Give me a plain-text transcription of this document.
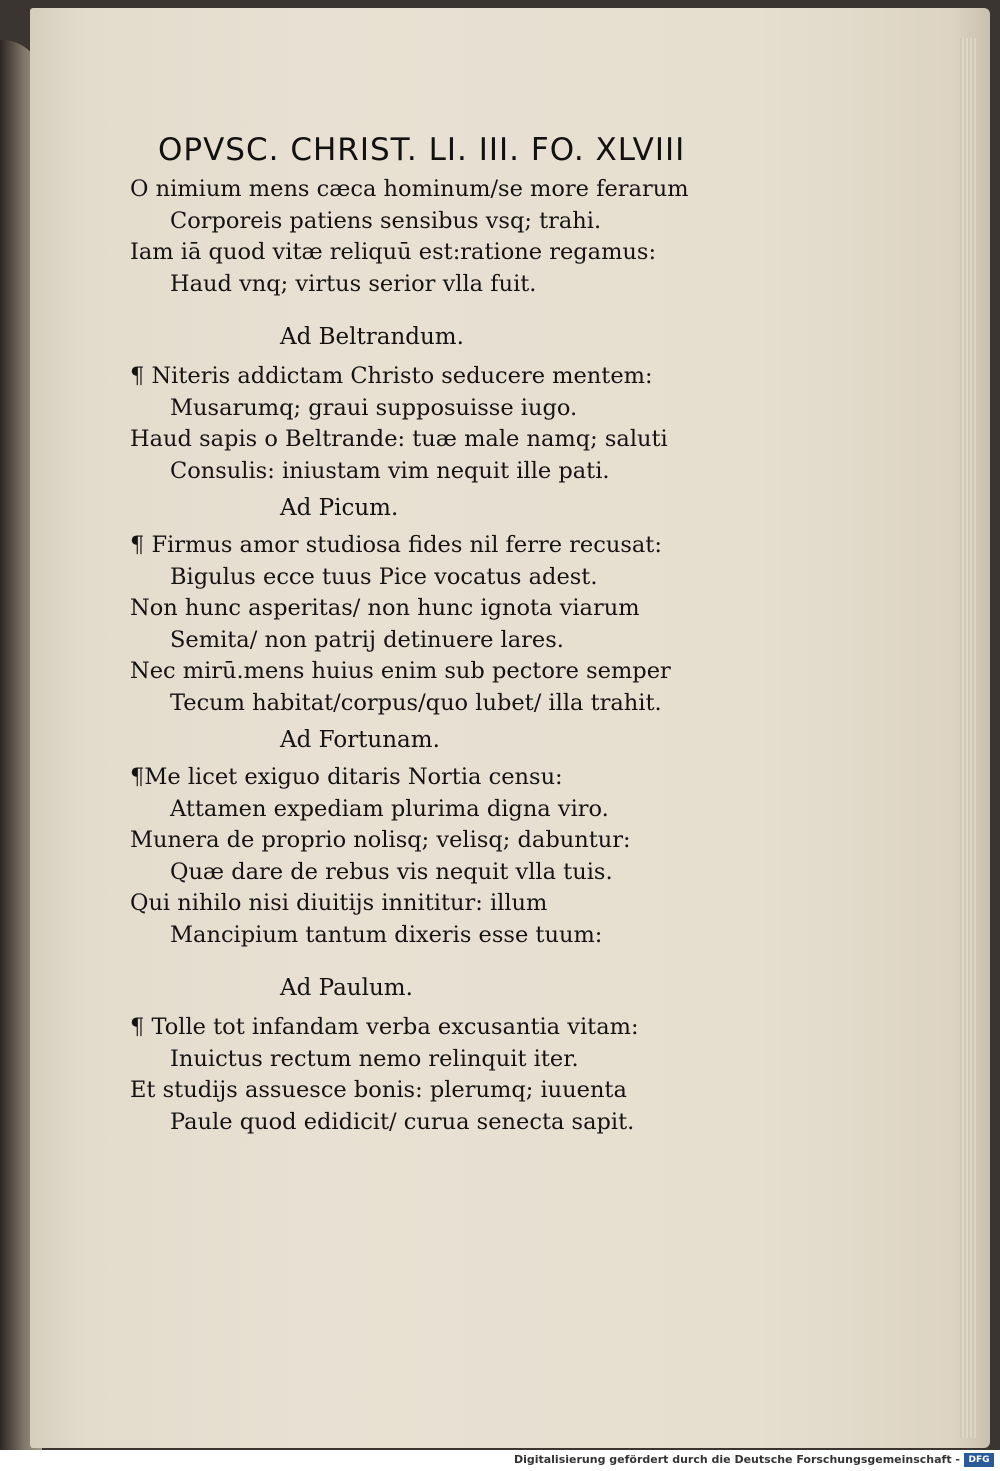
OPVSC. CHRIST. LI. III. FO. XLVIII
O nimium mens cæca hominum/se more ferarum
Corporeis patiens sensibus vsq; trahi.
Iam iā quod vitæ reliquū est:ratione regamus:
Haud vnq; virtus serior vlla fuit.
Ad Beltrandum.
¶ Niteris addictam Christo seducere mentem:
Musarumq; graui supposuisse iugo.
Haud sapis o Beltrande: tuæ male namq; saluti
Consulis: iniustam vim nequit ille pati.
Ad Picum.
¶ Firmus amor studiosa fides nil ferre recusat:
Bigulus ecce tuus Pice vocatus adest.
Non hunc asperitas/ non hunc ignota viarum
Semita/ non patrij detinuere lares.
Nec mirū.mens huius enim sub pectore semper
Tecum habitat/corpus/quo lubet/ illa trahit.
Ad Fortunam.
¶Me licet exiguo ditaris Nortia censu:
Attamen expediam plurima digna viro.
Munera de proprio nolisq; velisq; dabuntur:
Quæ dare de rebus vis nequit vlla tuis.
Qui nihilo nisi diuitijs innititur: illum
Mancipium tantum dixeris esse tuum:
Ad Paulum.
¶ Tolle tot infandam verba excusantia vitam:
Inuictus rectum nemo relinquit iter.
Et studijs assuesce bonis: plerumq; iuuenta
Paule quod edidicit/ curua senecta sapit.
Digitalisierung gefördert durch die Deutsche Forschungsgemeinschaft - DFG
